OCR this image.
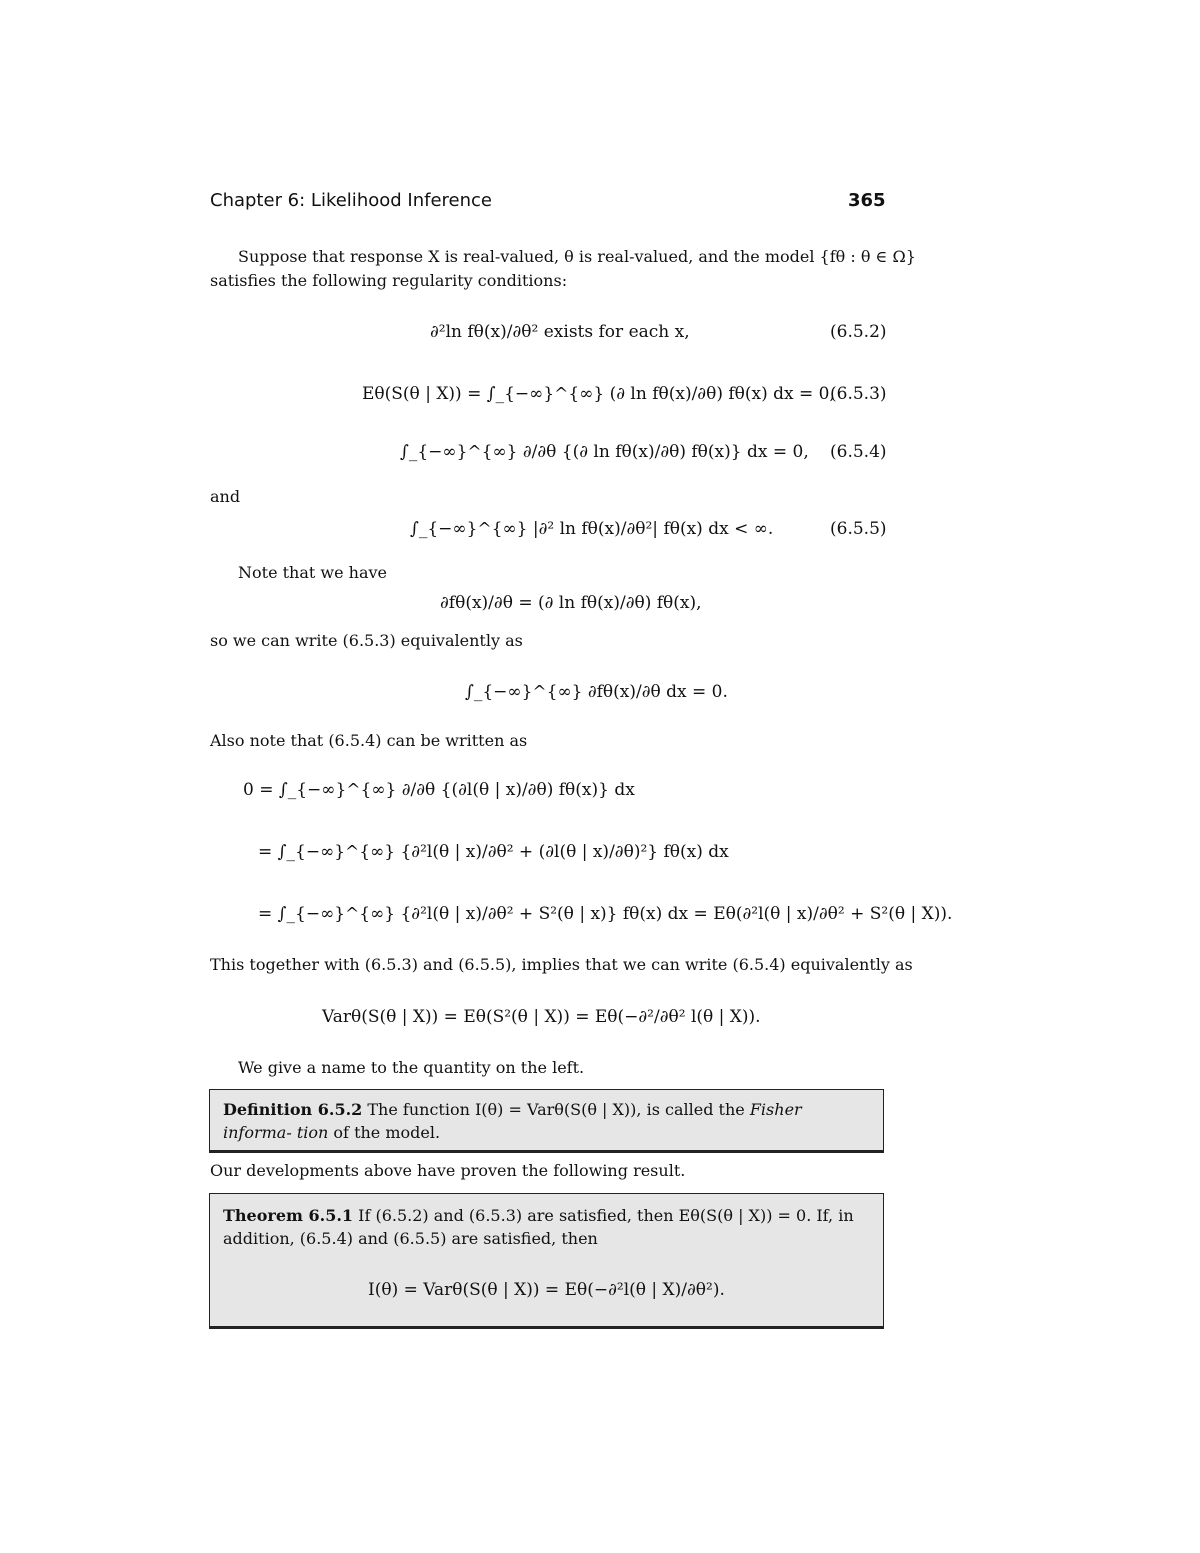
Chapter 6: Likelihood Inference	365
Suppose that response X is real-valued, θ is real-valued, and the model {fθ : θ ∈ Ω}
satisfies the following regularity conditions:
∂²ln fθ(x)/∂θ² exists for each x,	(6.5.2)
Eθ(S(θ | X)) = ∫_{−∞}^{∞} (∂ ln fθ(x)/∂θ) fθ(x) dx = 0,
(6.5.3)
∫_{−∞}^{∞} ∂/∂θ {(∂ ln fθ(x)/∂θ) fθ(x)} dx = 0, (6.5.4)
and
∫_{−∞}^{∞} |∂² ln fθ(x)/∂θ²| fθ(x) dx < ∞.	(6.5.5)
Note that we have
∂fθ(x)/∂θ = (∂ ln fθ(x)/∂θ) fθ(x),
so we can write (6.5.3) equivalently as
∫_{−∞}^{∞} ∂fθ(x)/∂θ dx = 0.
Also note that (6.5.4) can be written as
0 = ∫_{−∞}^{∞} ∂/∂θ {(∂l(θ | x)/∂θ) fθ(x)} dx
= ∫_{−∞}^{∞} {∂²l(θ | x)/∂θ² + (∂l(θ | x)/∂θ)²} fθ(x) dx
= ∫_{−∞}^{∞} {∂²l(θ | x)/∂θ² + S²(θ | x)} fθ(x) dx = Eθ(∂²l(θ | x)/∂θ² + S²(θ | X)).
This together with (6.5.3) and (6.5.5), implies that we can write (6.5.4) equivalently as
Varθ(S(θ | X)) = Eθ(S²(θ | X)) = Eθ(−∂²/∂θ² l(θ | X)).
We give a name to the quantity on the left.
Definition 6.5.2 The function I(θ) = Varθ(S(θ | X)), is called the Fisher informa- tion of the model.
Our developments above have proven the following result.
Theorem 6.5.1 If (6.5.2) and (6.5.3) are satisfied, then Eθ(S(θ | X)) = 0. If, in
addition, (6.5.4) and (6.5.5) are satisfied, then
I(θ) = Varθ(S(θ | X)) = Eθ(−∂²l(θ | X)/∂θ²).
